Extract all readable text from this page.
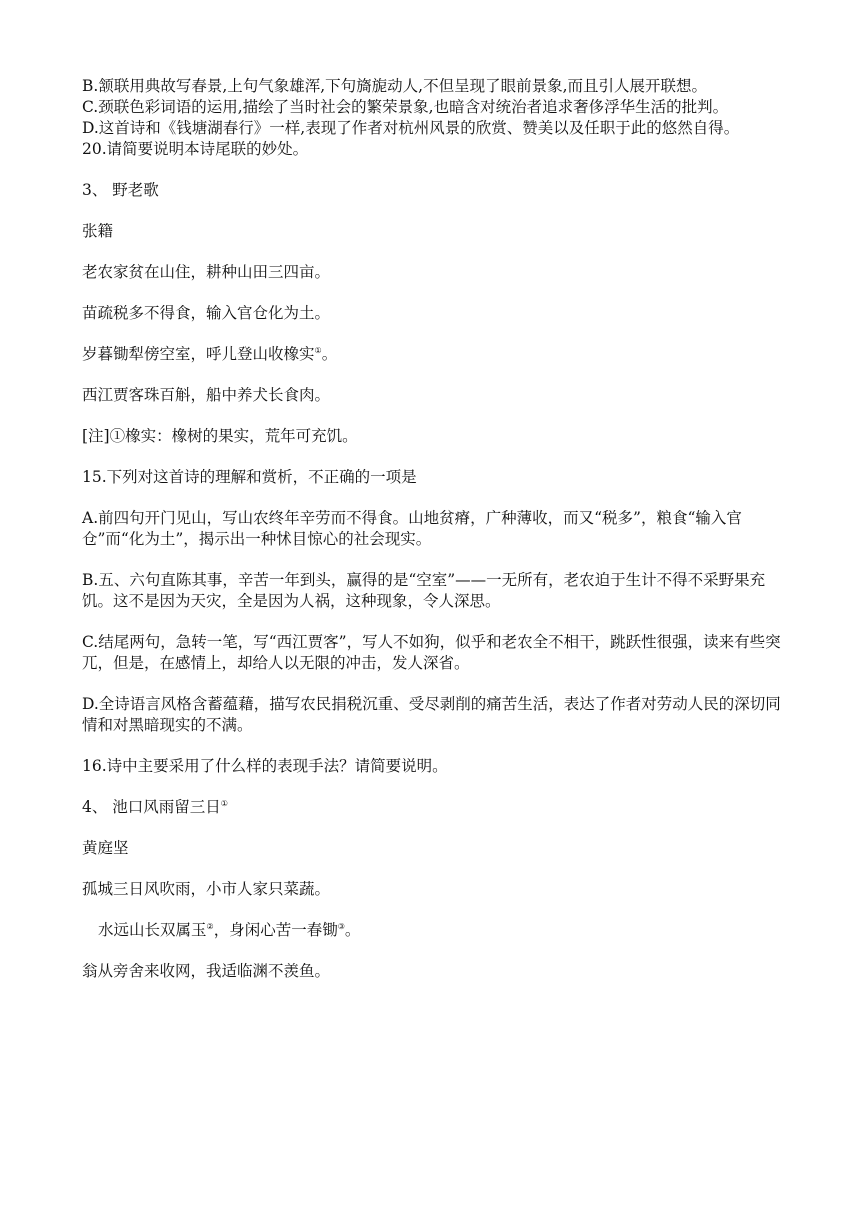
B.颔联用典故写春景,上句气象雄浑,下句旖旎动人,不但呈现了眼前景象,而且引人展开联想。

C.颈联色彩词语的运用,描绘了当时社会的繁荣景象,也暗含对统治者追求奢侈浮华生活的批判。

D.这首诗和《钱塘湖春行》一样,表现了作者对杭州风景的欣赏、赞美以及任职于此的悠然自得。

20.请简要说明本诗尾联的妙处。

3、 野老歌

张籍

老农家贫在山住，耕种山田三四亩。

苗疏税多不得食，输入官仓化为土。

岁暮锄犁傍空室，呼儿登山收橡实①。

西江贾客珠百斛，船中养犬长食肉。

[注]①橡实：橡树的果实，荒年可充饥。

15.下列对这首诗的理解和赏析，不正确的一项是

A.前四句开门见山，写山农终年辛劳而不得食。山地贫瘠，广种薄收，而又“税多”，粮食“输入官仓”而“化为土”，揭示出一种怵目惊心的社会现实。

B.五、六句直陈其事，辛苦一年到头，赢得的是“空室”——一无所有，老农迫于生计不得不采野果充饥。这不是因为天灾，全是因为人祸，这种现象，令人深思。

C.结尾两句，急转一笔，写“西江贾客”，写人不如狗，似乎和老农全不相干，跳跃性很强，读来有些突兀，但是，在感情上，却给人以无限的冲击，发人深省。

D.全诗语言风格含蓄蕴藉，描写农民捐税沉重、受尽剥削的痛苦生活，表达了作者对劳动人民的深切同情和对黑暗现实的不满。

16.诗中主要采用了什么样的表现手法？请简要说明。

4、 池口风雨留三日①

黄庭坚

孤城三日风吹雨，小市人家只菜蔬。

水远山长双属玉②，身闲心苦一春锄③。

翁从旁舍来收网，我适临渊不羡鱼。
